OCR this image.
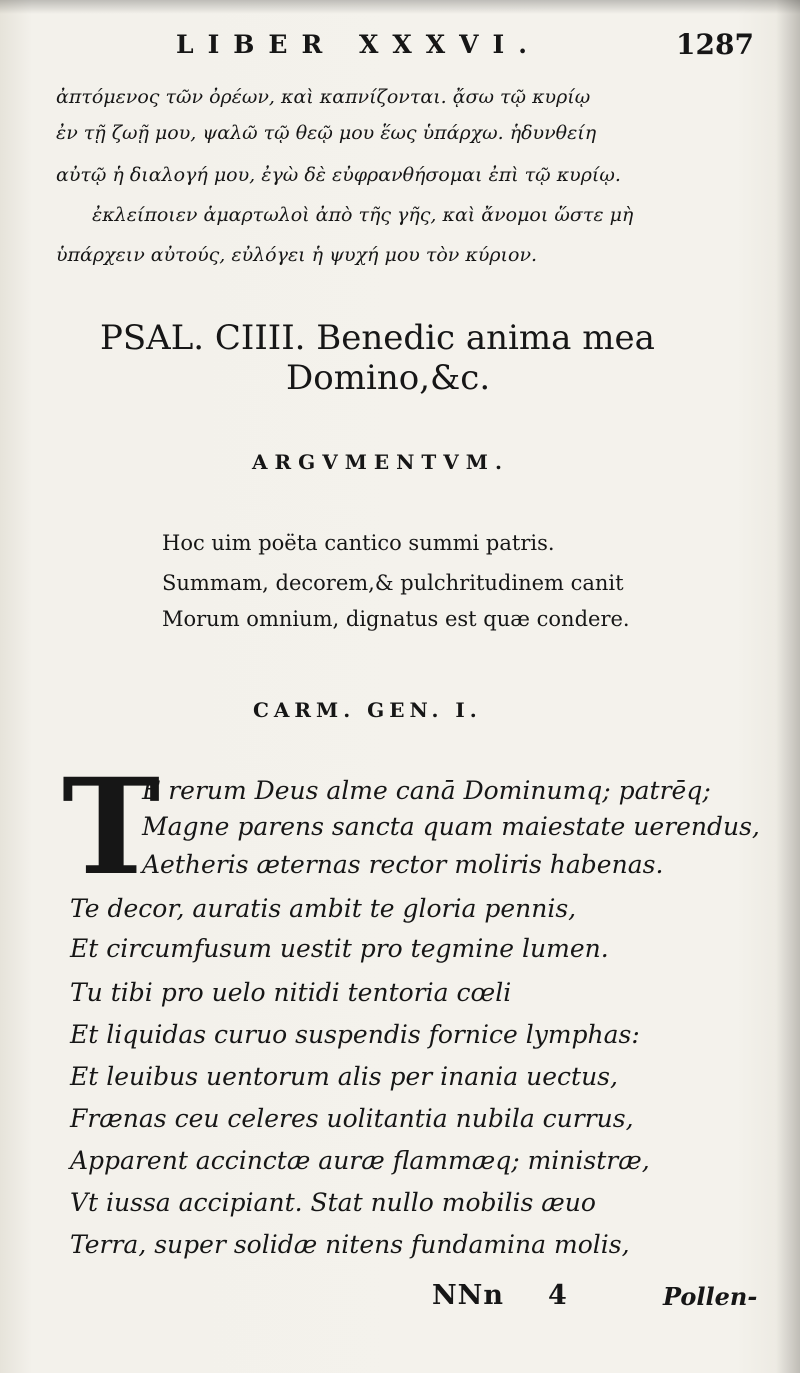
LIBER XXXVI.	1287
ἀπτόμενος τῶν ὀρέων, καὶ καπνίζονται. ᾄσω τῷ κυρίῳ
ἐν τῇ ζωῇ μου, ψαλῶ τῷ θεῷ μου ἕως ὑπάρχω. ἡδυνθείη
αὐτῷ ἡ διαλογή μου, ἐγὼ δὲ εὐφρανθήσομαι ἐπὶ τῷ κυρίῳ.
ἐκλείποιεν ἁμαρτωλοὶ ἀπὸ τῆς γῆς, καὶ ἄνομοι ὥστε μὴ
ὑπάρχειν αὐτούς, εὐλόγει ἡ ψυχή μου τὸν κύριον.
PSAL. CIIII. Benedic anima mea
Domino,&c.
ARGVMENTVM.
Hoc uim poëta cantico summi patris.
Summam, decorem,& pulchritudinem canit
Morum omnium, dignatus est quæ condere.
CARM. GEN. I.
T
E rerum Deus alme canā Dominumq; patrēq;
Magne parens sancta quam maiestate uerendus,
Aetheris æternas rector moliris habenas.
Te decor, auratis ambit te gloria pennis,
Et circumfusum uestit pro tegmine lumen.
Tu tibi pro uelo nitidi tentoria cœli
Et liquidas curuo suspendis fornice lymphas:
Et leuibus uentorum alis per inania uectus,
Frænas ceu celeres uolitantia nubila currus,
Apparent accinctæ auræ flammæq; ministræ,
Vt iussa accipiant. Stat nullo mobilis æuo
Terra, super solidæ nitens fundamina molis,
NNn 4	Pollen-
